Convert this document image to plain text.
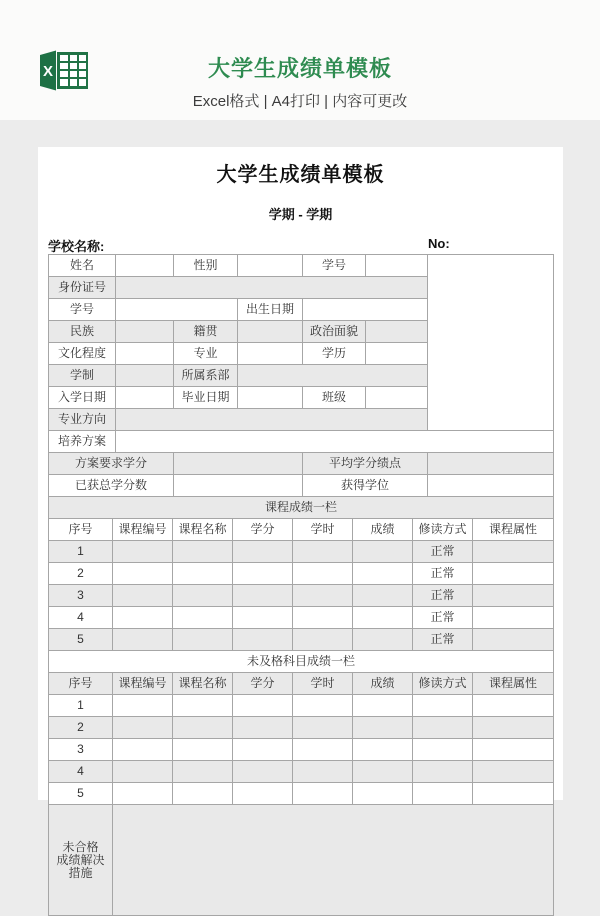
X	大学生成绩单模板
Excel格式 | A4打印 | 内容可更改
大学生成绩单模板
学期 - 学期
学校名称:	No:
姓名		性别		学号		
身份证号						
学号			出生日期			
民族		籍贯		政治面貌		
文化程度		专业		学历		
学制		所属系部				
入学日期		毕业日期		班级		
专业方向						
培养方案						
方案要求学分				平均学分绩点		
已获总学分数				获得学位		
课程成绩一栏						
序号	课程编号	课程名称	学分	学时	成绩	修读方式	课程属性
1						正常	
2						正常	
3						正常	
4						正常	
5						正常	
未及格科目成绩一栏							
序号	课程编号	课程名称	学分	学时	成绩	修读方式	课程属性
1							
2							
3							
4							
5							
未合格
成绩解决
措施							
